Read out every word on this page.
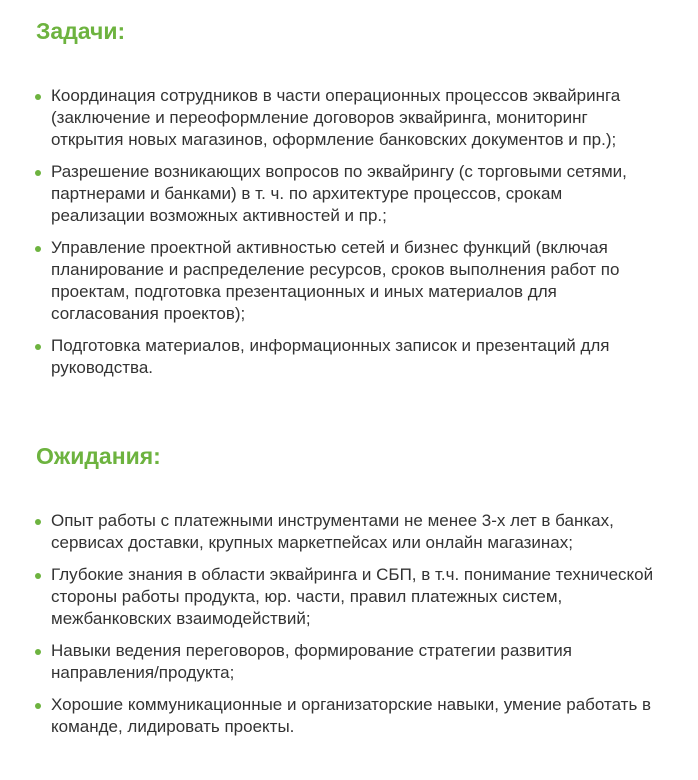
Задачи:
Координация сотрудников в части операционных процессов эквайринга (заключение и переоформление договоров эквайринга, мониторинг открытия новых магазинов, оформление банковских документов и пр.);
Разрешение возникающих вопросов по эквайрингу (с торговыми сетями, партнерами и банками) в т. ч. по архитектуре процессов, срокам реализации возможных активностей и пр.;
Управление проектной активностью сетей и бизнес функций (включая планирование и распределение ресурсов, сроков выполнения работ по проектам, подготовка презентационных и иных материалов для согласования проектов);
Подготовка материалов, информационных записок и презентаций для руководства.
Ожидания:
Опыт работы с платежными инструментами не менее 3-х лет в банках, сервисах доставки, крупных маркетпейсах или онлайн магазинах;
Глубокие знания в области эквайринга и СБП, в т.ч. понимание технической стороны работы продукта, юр. части, правил платежных систем, межбанковских взаимодействий;
Навыки ведения переговоров, формирование стратегии развития направления/продукта;
Хорошие коммуникационные и организаторские навыки, умение работать в команде, лидировать проекты.
